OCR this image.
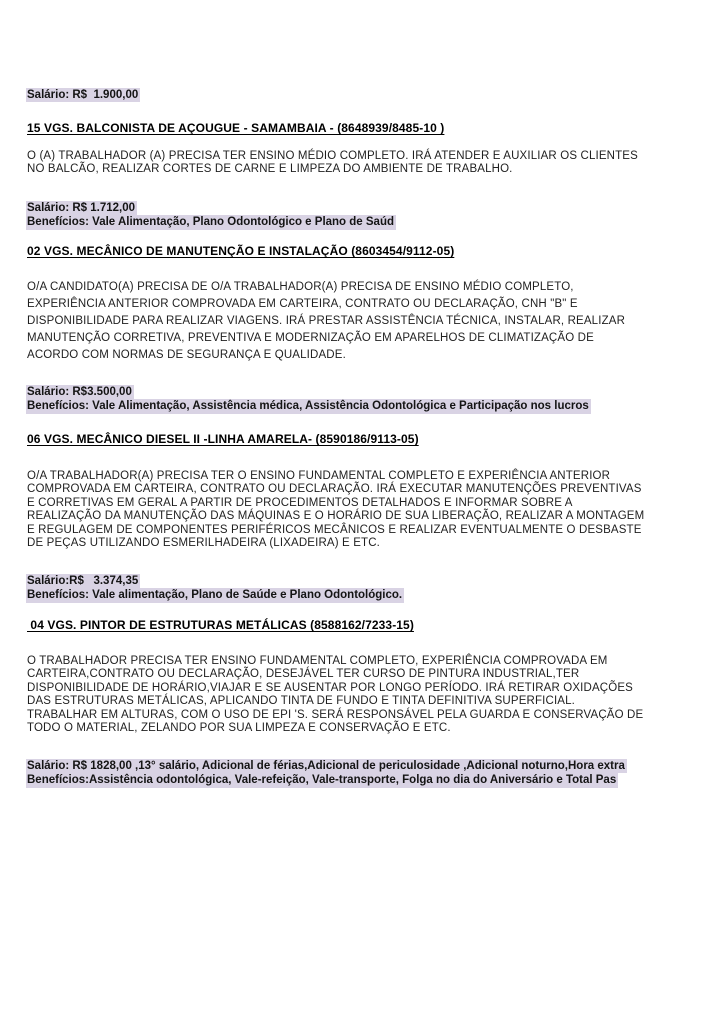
Salário: R$  1.900,00
15 VGS. BALCONISTA DE AÇOUGUE - SAMAMBAIA - (8648939/8485-10 )
O (A) TRABALHADOR (A) PRECISA TER ENSINO MÉDIO COMPLETO. IRÁ ATENDER E AUXILIAR OS CLIENTES
NO BALCÃO, REALIZAR CORTES DE CARNE E LIMPEZA DO AMBIENTE DE TRABALHO.
Salário: R$ 1.712,00
Benefícios: Vale Alimentação, Plano Odontológico e Plano de Saúd
02 VGS. MECÂNICO DE MANUTENÇÃO E INSTALAÇÃO (8603454/9112-05)
O/A CANDIDATO(A) PRECISA DE O/A TRABALHADOR(A) PRECISA DE ENSINO MÉDIO COMPLETO,
EXPERIÊNCIA ANTERIOR COMPROVADA EM CARTEIRA, CONTRATO OU DECLARAÇÃO, CNH "B" E
DISPONIBILIDADE PARA REALIZAR VIAGENS. IRÁ PRESTAR ASSISTÊNCIA TÉCNICA, INSTALAR, REALIZAR
MANUTENÇÃO CORRETIVA, PREVENTIVA E MODERNIZAÇÃO EM APARELHOS DE CLIMATIZAÇÃO DE
ACORDO COM NORMAS DE SEGURANÇA E QUALIDADE.
Salário: R$3.500,00
Benefícios: Vale Alimentação, Assistência médica, Assistência Odontológica e Participação nos lucros
06 VGS. MECÂNICO DIESEL II -LINHA AMARELA- (8590186/9113-05)
O/A TRABALHADOR(A) PRECISA TER O ENSINO FUNDAMENTAL COMPLETO E EXPERIÊNCIA ANTERIOR
COMPROVADA EM CARTEIRA, CONTRATO OU DECLARAÇÃO. IRÁ EXECUTAR MANUTENÇÕES PREVENTIVAS
E CORRETIVAS EM GERAL A PARTIR DE PROCEDIMENTOS DETALHADOS E INFORMAR SOBRE A
REALIZAÇÃO DA MANUTENÇÃO DAS MÁQUINAS E O HORÁRIO DE SUA LIBERAÇÃO, REALIZAR A MONTAGEM
E REGULAGEM DE COMPONENTES PERIFÉRICOS MECÂNICOS E REALIZAR EVENTUALMENTE O DESBASTE
DE PEÇAS UTILIZANDO ESMERILHADEIRA (LIXADEIRA) E ETC.
Salário:R$   3.374,35
Benefícios: Vale alimentação, Plano de Saúde e Plano Odontológico.
04 VGS. PINTOR DE ESTRUTURAS METÁLICAS (8588162/7233-15)
O TRABALHADOR PRECISA TER ENSINO FUNDAMENTAL COMPLETO, EXPERIÊNCIA COMPROVADA EM
CARTEIRA,CONTRATO OU DECLARAÇÃO, DESEJÁVEL TER CURSO DE PINTURA INDUSTRIAL,TER
DISPONIBILIDADE DE HORÁRIO,VIAJAR E SE AUSENTAR POR LONGO PERÍODO. IRÁ RETIRAR OXIDAÇÕES
DAS ESTRUTURAS METÁLICAS, APLICANDO TINTA DE FUNDO E TINTA DEFINITIVA SUPERFICIAL.
TRABALHAR EM ALTURAS, COM O USO DE EPI 'S. SERÁ RESPONSÁVEL PELA GUARDA E CONSERVAÇÃO DE
TODO O MATERIAL, ZELANDO POR SUA LIMPEZA E CONSERVAÇÃO E ETC.
Salário: R$ 1828,00 ,13° salário, Adicional de férias,Adicional de periculosidade ,Adicional noturno,Hora extra
Benefícios:Assistência odontológica, Vale-refeição, Vale-transporte, Folga no dia do Aniversário e Total Pas
